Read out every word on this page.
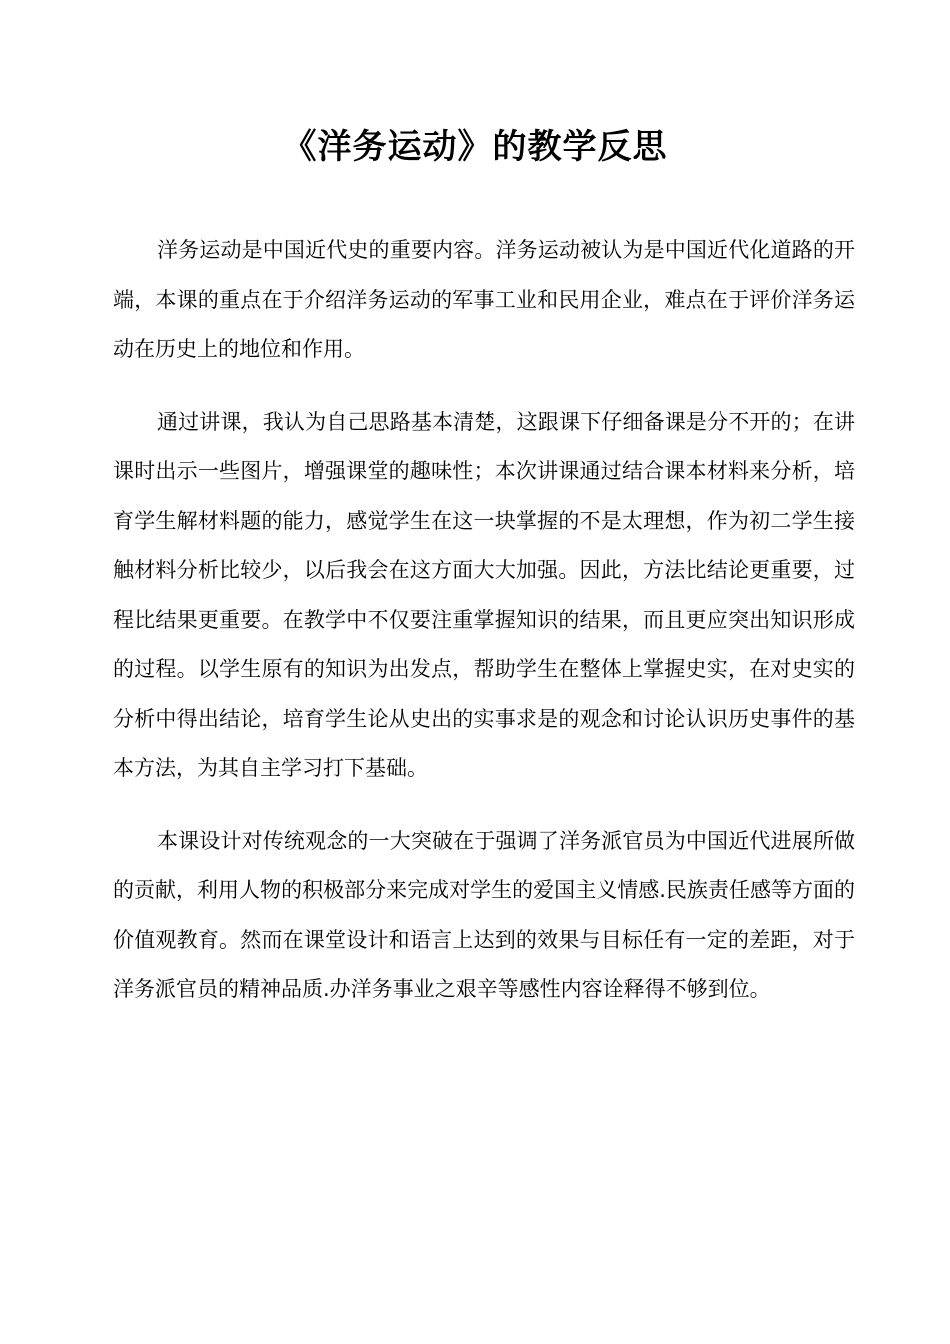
《洋务运动》的教学反思

洋务运动是中国近代史的重要内容。洋务运动被认为是中国近代化道路的开端，本课的重点在于介绍洋务运动的军事工业和民用企业，难点在于评价洋务运动在历史上的地位和作用。

通过讲课，我认为自己思路基本清楚，这跟课下仔细备课是分不开的；在讲课时出示一些图片，增强课堂的趣味性；本次讲课通过结合课本材料来分析，培育学生解材料题的能力，感觉学生在这一块掌握的不是太理想，作为初二学生接触材料分析比较少，以后我会在这方面大大加强。因此，方法比结论更重要，过程比结果更重要。在教学中不仅要注重掌握知识的结果，而且更应突出知识形成的过程。以学生原有的知识为出发点，帮助学生在整体上掌握史实，在对史实的分析中得出结论，培育学生论从史出的实事求是的观念和讨论认识历史事件的基本方法，为其自主学习打下基础。

本课设计对传统观念的一大突破在于强调了洋务派官员为中国近代进展所做的贡献，利用人物的积极部分来完成对学生的爱国主义情感.民族责任感等方面的价值观教育。然而在课堂设计和语言上达到的效果与目标任有一定的差距，对于洋务派官员的精神品质.办洋务事业之艰辛等感性内容诠释得不够到位。
